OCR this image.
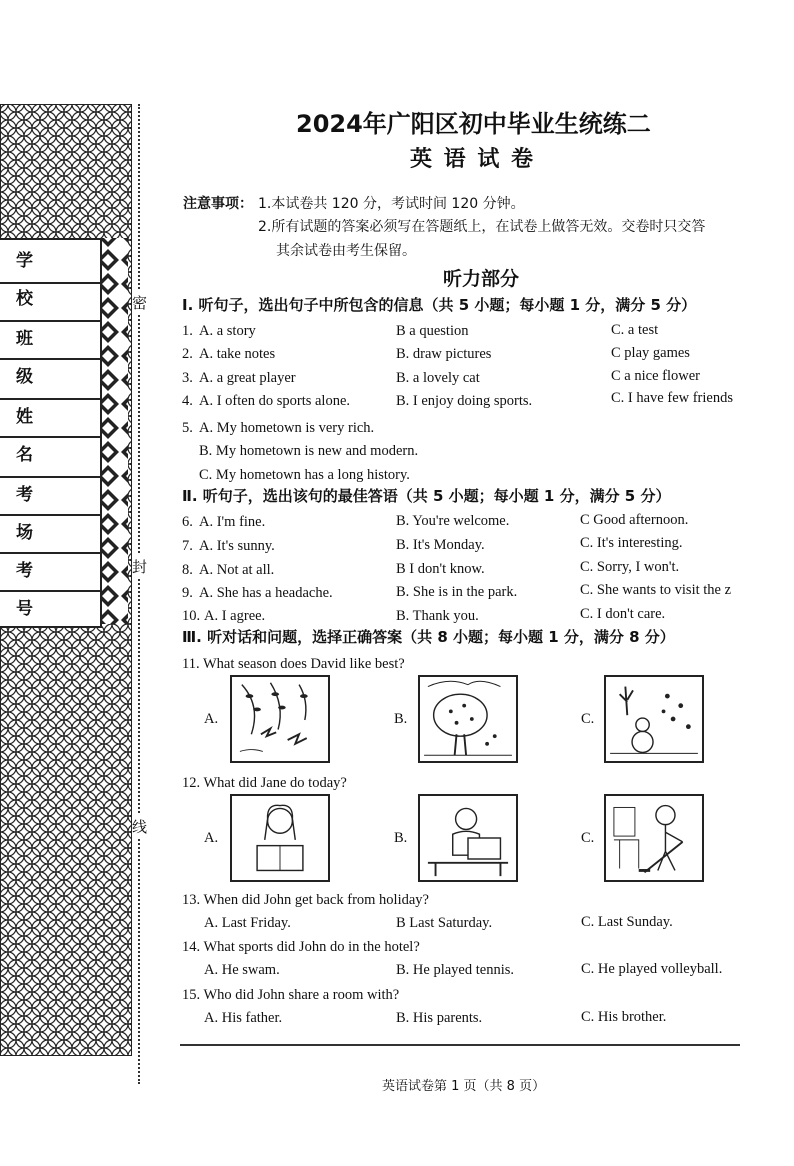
学 校
班 级
姓 名
考 场
考 号
密
封
线
2024年广阳区初中毕业生统练二
英 语 试 卷
注意事项： 1.本试卷共 120 分，考试时间 120 分钟。
2.所有试题的答案必须写在答题纸上，在试卷上做答无效。交卷时只交答
其余试卷由考生保留。
听力部分
Ⅰ. 听句子，选出句子中所包含的信息（共 5 小题；每小题 1 分，满分 5 分）
1. A. a story	B a question	C. a test
2. A. take notes	B. draw pictures	C play games
3. A. a great player	B. a lovely cat	C a nice flower
4. A. I often do sports alone.	B. I enjoy doing sports.	C. I have few friends
5. A. My hometown is very rich.
B. My hometown is new and modern.
C. My hometown has a long history.
Ⅱ. 听句子，选出该句的最佳答语（共 5 小题；每小题 1 分，满分 5 分）
6. A. I'm fine.	B. You're welcome.	C Good afternoon.
7. A. It's sunny.	B. It's Monday.	C. It's interesting.
8. A. Not at all.	B I don't know.	C. Sorry, I won't.
9. A. She has a headache.	B. She is in the park.	C. She wants to visit the z
10. A. I agree.	B. Thank you.	C. I don't care.
Ⅲ. 听对话和问题，选择正确答案（共 8 小题；每小题 1 分，满分 8 分）
11. What season does David like best?
A.	B.	C.
12. What did Jane do today?
A.	B.	C.
13. When did John get back from holiday?
A. Last Friday.	B Last Saturday.	C. Last Sunday.
14. What sports did John do in the hotel?
A. He swam.	B. He played tennis.	C. He played volleyball.
15. Who did John share a room with?
A. His father.	B. His parents.	C. His brother.
英语试卷第 1 页（共 8 页）
